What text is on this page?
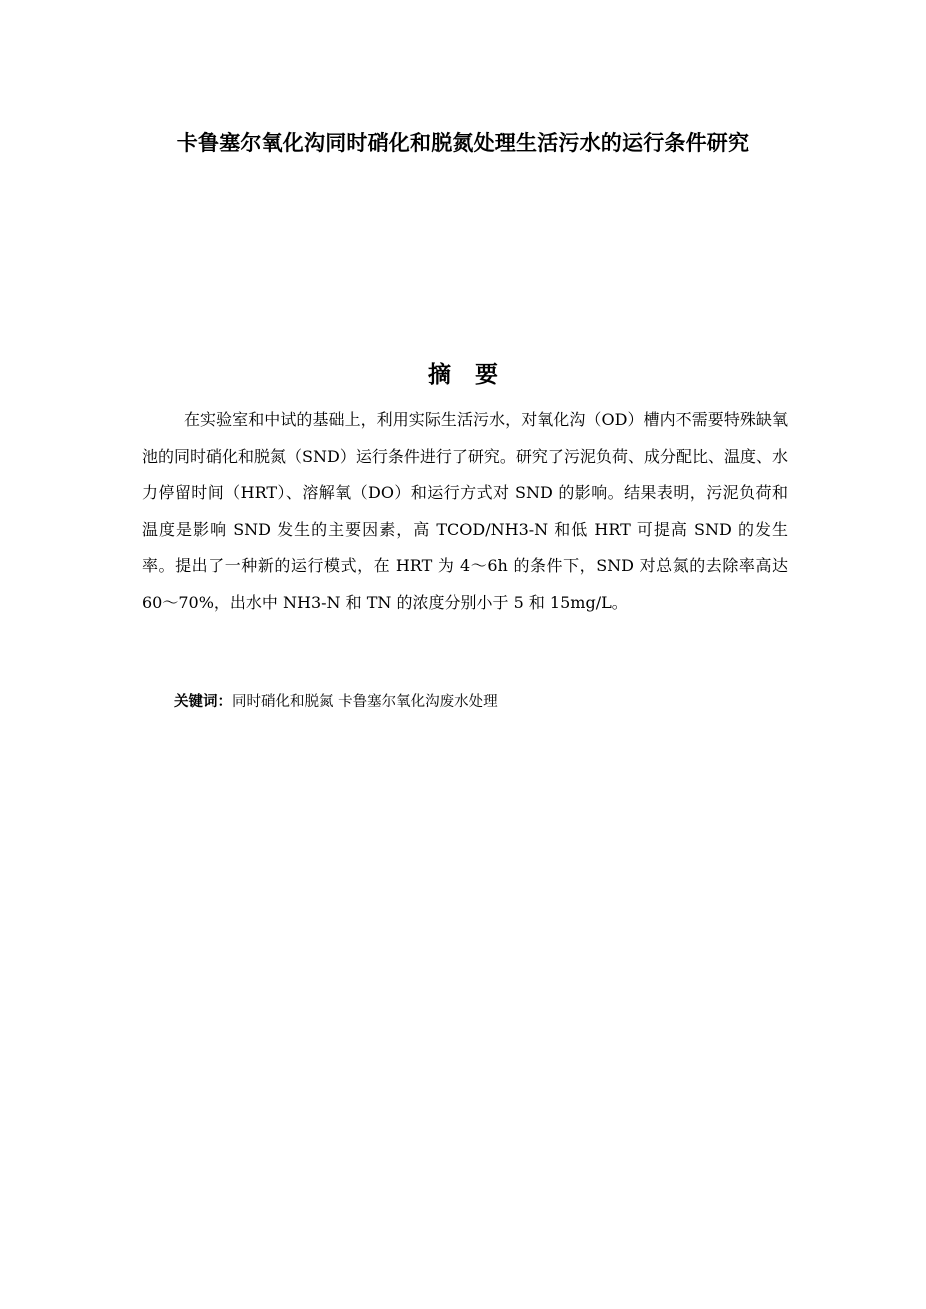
卡鲁塞尔氧化沟同时硝化和脱氮处理生活污水的运行条件研究
摘 要

在实验室和中试的基础上，利用实际生活污水，对氧化沟（OD）槽内不需要特殊缺氧池的同时硝化和脱氮（SND）运行条件进行了研究。研究了污泥负荷、成分配比、温度、水力停留时间（HRT）、溶解氧（DO）和运行方式对 SND 的影响。结果表明，污泥负荷和温度是影响 SND 发生的主要因素，高 TCOD/NH3-N 和低 HRT 可提高 SND 的发生率。提出了一种新的运行模式，在 HRT 为 4～6h 的条件下，SND 对总氮的去除率高达 60～70%，出水中 NH3-N 和 TN 的浓度分别小于 5 和 15mg/L。

关键词：同时硝化和脱氮 卡鲁塞尔氧化沟废水处理
